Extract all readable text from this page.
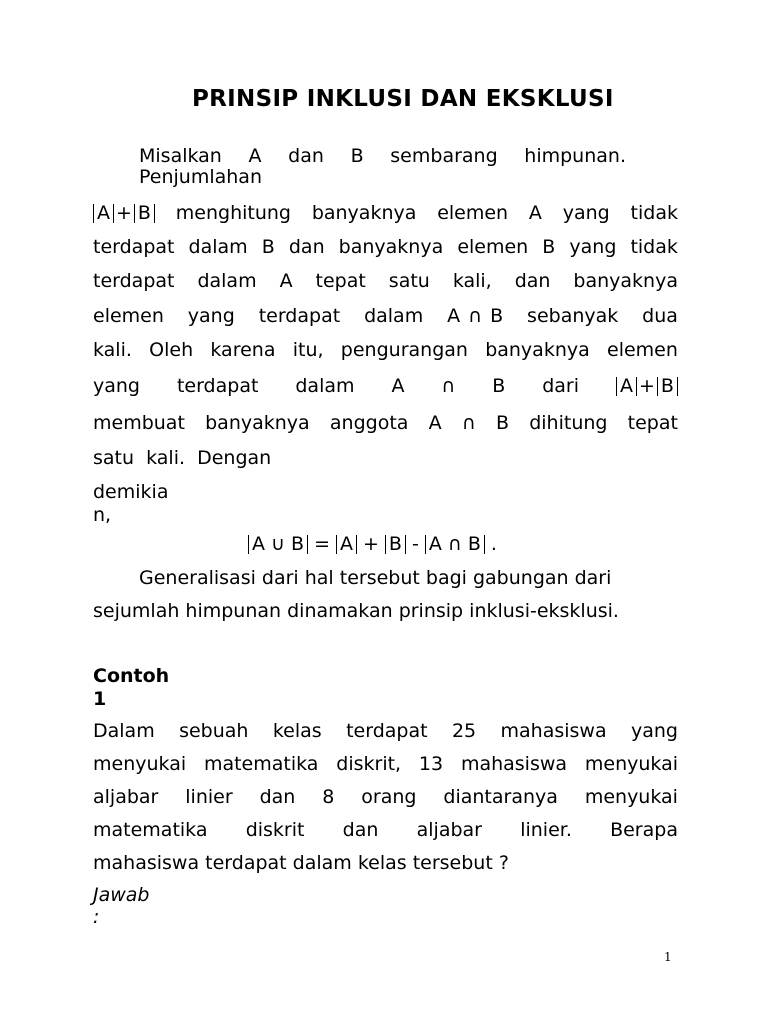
PRINSIP INKLUSI DAN EKSKLUSI
Misalkan A dan B sembarang himpunan.
Penjumlahan
A + B menghitung banyaknya elemen A yang tidak
terdapat dalam B dan banyaknya elemen B yang tidak
terdapat dalam A tepat satu kali, dan banyaknya
elemen yang terdapat dalam A ∩ B sebanyak dua
kali. Oleh karena itu, pengurangan banyaknya elemen
yang terdapat dalam A ∩ B dari A + B
membuat banyaknya anggota A ∩ B dihitung tepat
satu  kali.  Dengan
demikia
n,
A ∪ B = A + B - A ∩ B .
Generalisasi dari hal tersebut bagi gabungan dari
sejumlah himpunan dinamakan prinsip inklusi-eksklusi.
Contoh
1
Dalam sebuah kelas terdapat 25 mahasiswa yang
menyukai matematika diskrit, 13 mahasiswa menyukai
aljabar linier dan 8 orang diantaranya menyukai
matematika diskrit dan aljabar linier. Berapa
mahasiswa terdapat dalam kelas tersebut ?
Jawab
:
1
